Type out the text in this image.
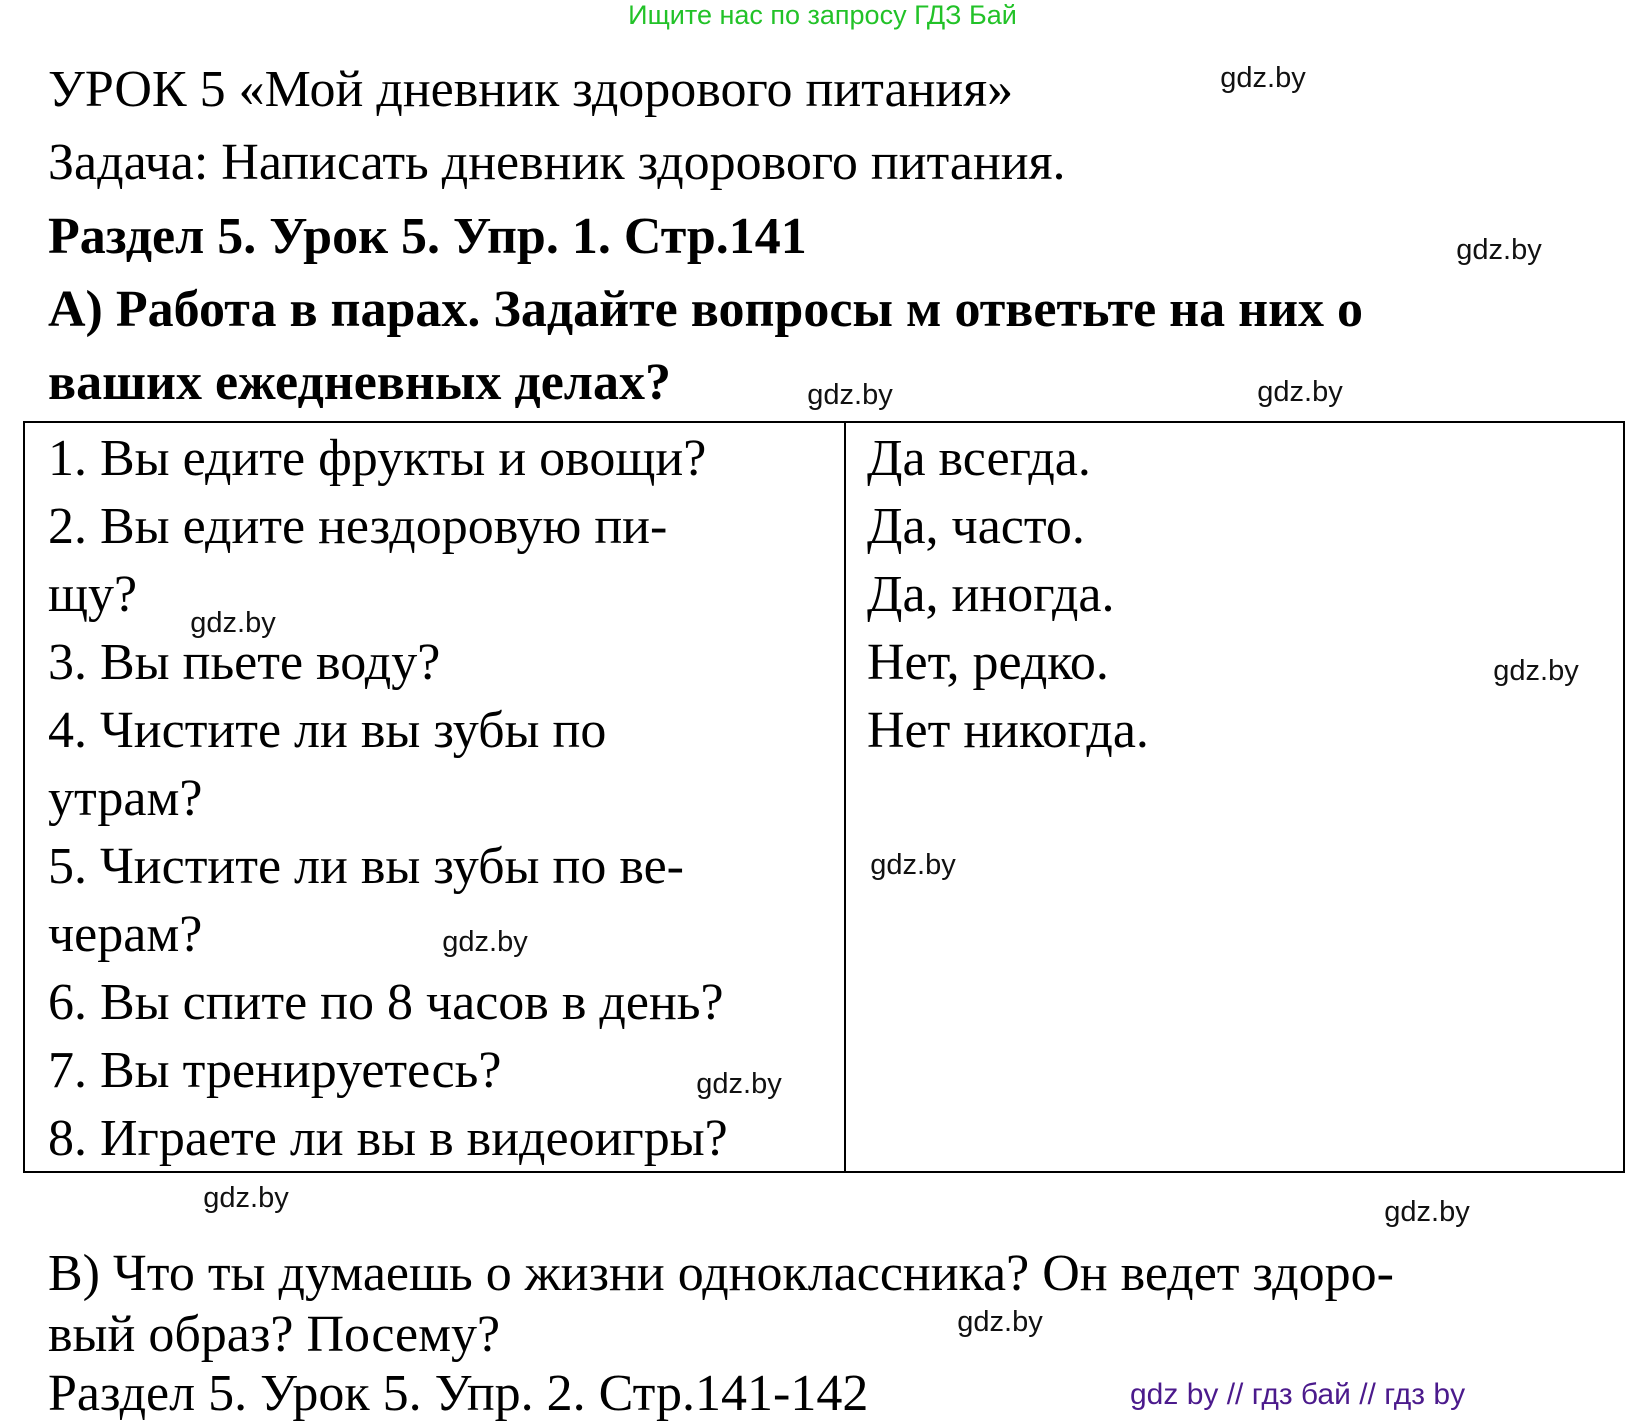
Ищите нас по запросу ГДЗ Бай
УРОК 5 «Мой дневник здорового питания»
Задача: Написать дневник здорового питания.
Раздел 5. Урок 5. Упр. 1. Стр.141
А) Работа в парах. Задайте вопросы м ответьте на них о
ваших ежедневных делах?
1. Вы едите фрукты и овощи?
2. Вы едите нездоровую пи-
щу?
3. Вы пьете воду?
4. Чистите ли вы зубы по
утрам?
5. Чистите ли вы зубы по ве-
черам?
6. Вы спите по 8 часов в день?
7. Вы тренируетесь?
8. Играете ли вы в видеоигры?
Да всегда.
Да, часто.
Да, иногда.
Нет, редко.
Нет никогда.
В) Что ты думаешь о жизни одноклассника? Он ведет здоро-
вый образ? Посему?
Раздел 5. Урок 5. Упр. 2. Стр.141-142
gdz.by
gdz.by
gdz.by
gdz.by
gdz.by
gdz.by
gdz.by
gdz.by
gdz.by
gdz.by	gdz.by
gdz.by
gdz by // гдз бай // гдз by
